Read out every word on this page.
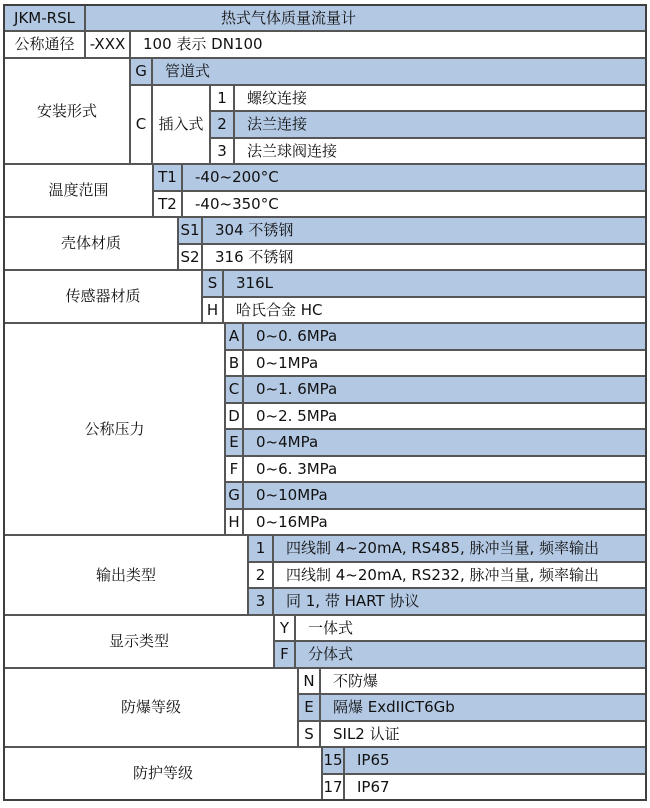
JKM-RSL	热式气体质量流量计
公称通径	-XXX	100 表示 DN100
安装形式
G	管道式
C 插入式
1	螺纹连接
2	法兰连接
3	法兰球阀连接
温度范围
T1	-40~200°C
T2	-40~350°C
壳体材质
S1	304 不锈钢
S2	316 不锈钢
传感器材质
S	316L
H	哈氏合金 HC
公称压力
A	0~0. 6MPa
B	0~1MPa
C	0~1. 6MPa
D	0~2. 5MPa
E	0~4MPa
F	0~6. 3MPa
G	0~10MPa
H	0~16MPa
输出类型
1	四线制 4~20mA, RS485, 脉冲当量, 频率输出
2	四线制 4~20mA, RS232, 脉冲当量, 频率输出
3	同 1, 带 HART 协议
显示类型
Y	一体式
F	分体式
防爆等级
N	不防爆
E	隔爆 ExdIICT6Gb
S	SIL2 认证
防护等级
15 IP65
17 IP67
